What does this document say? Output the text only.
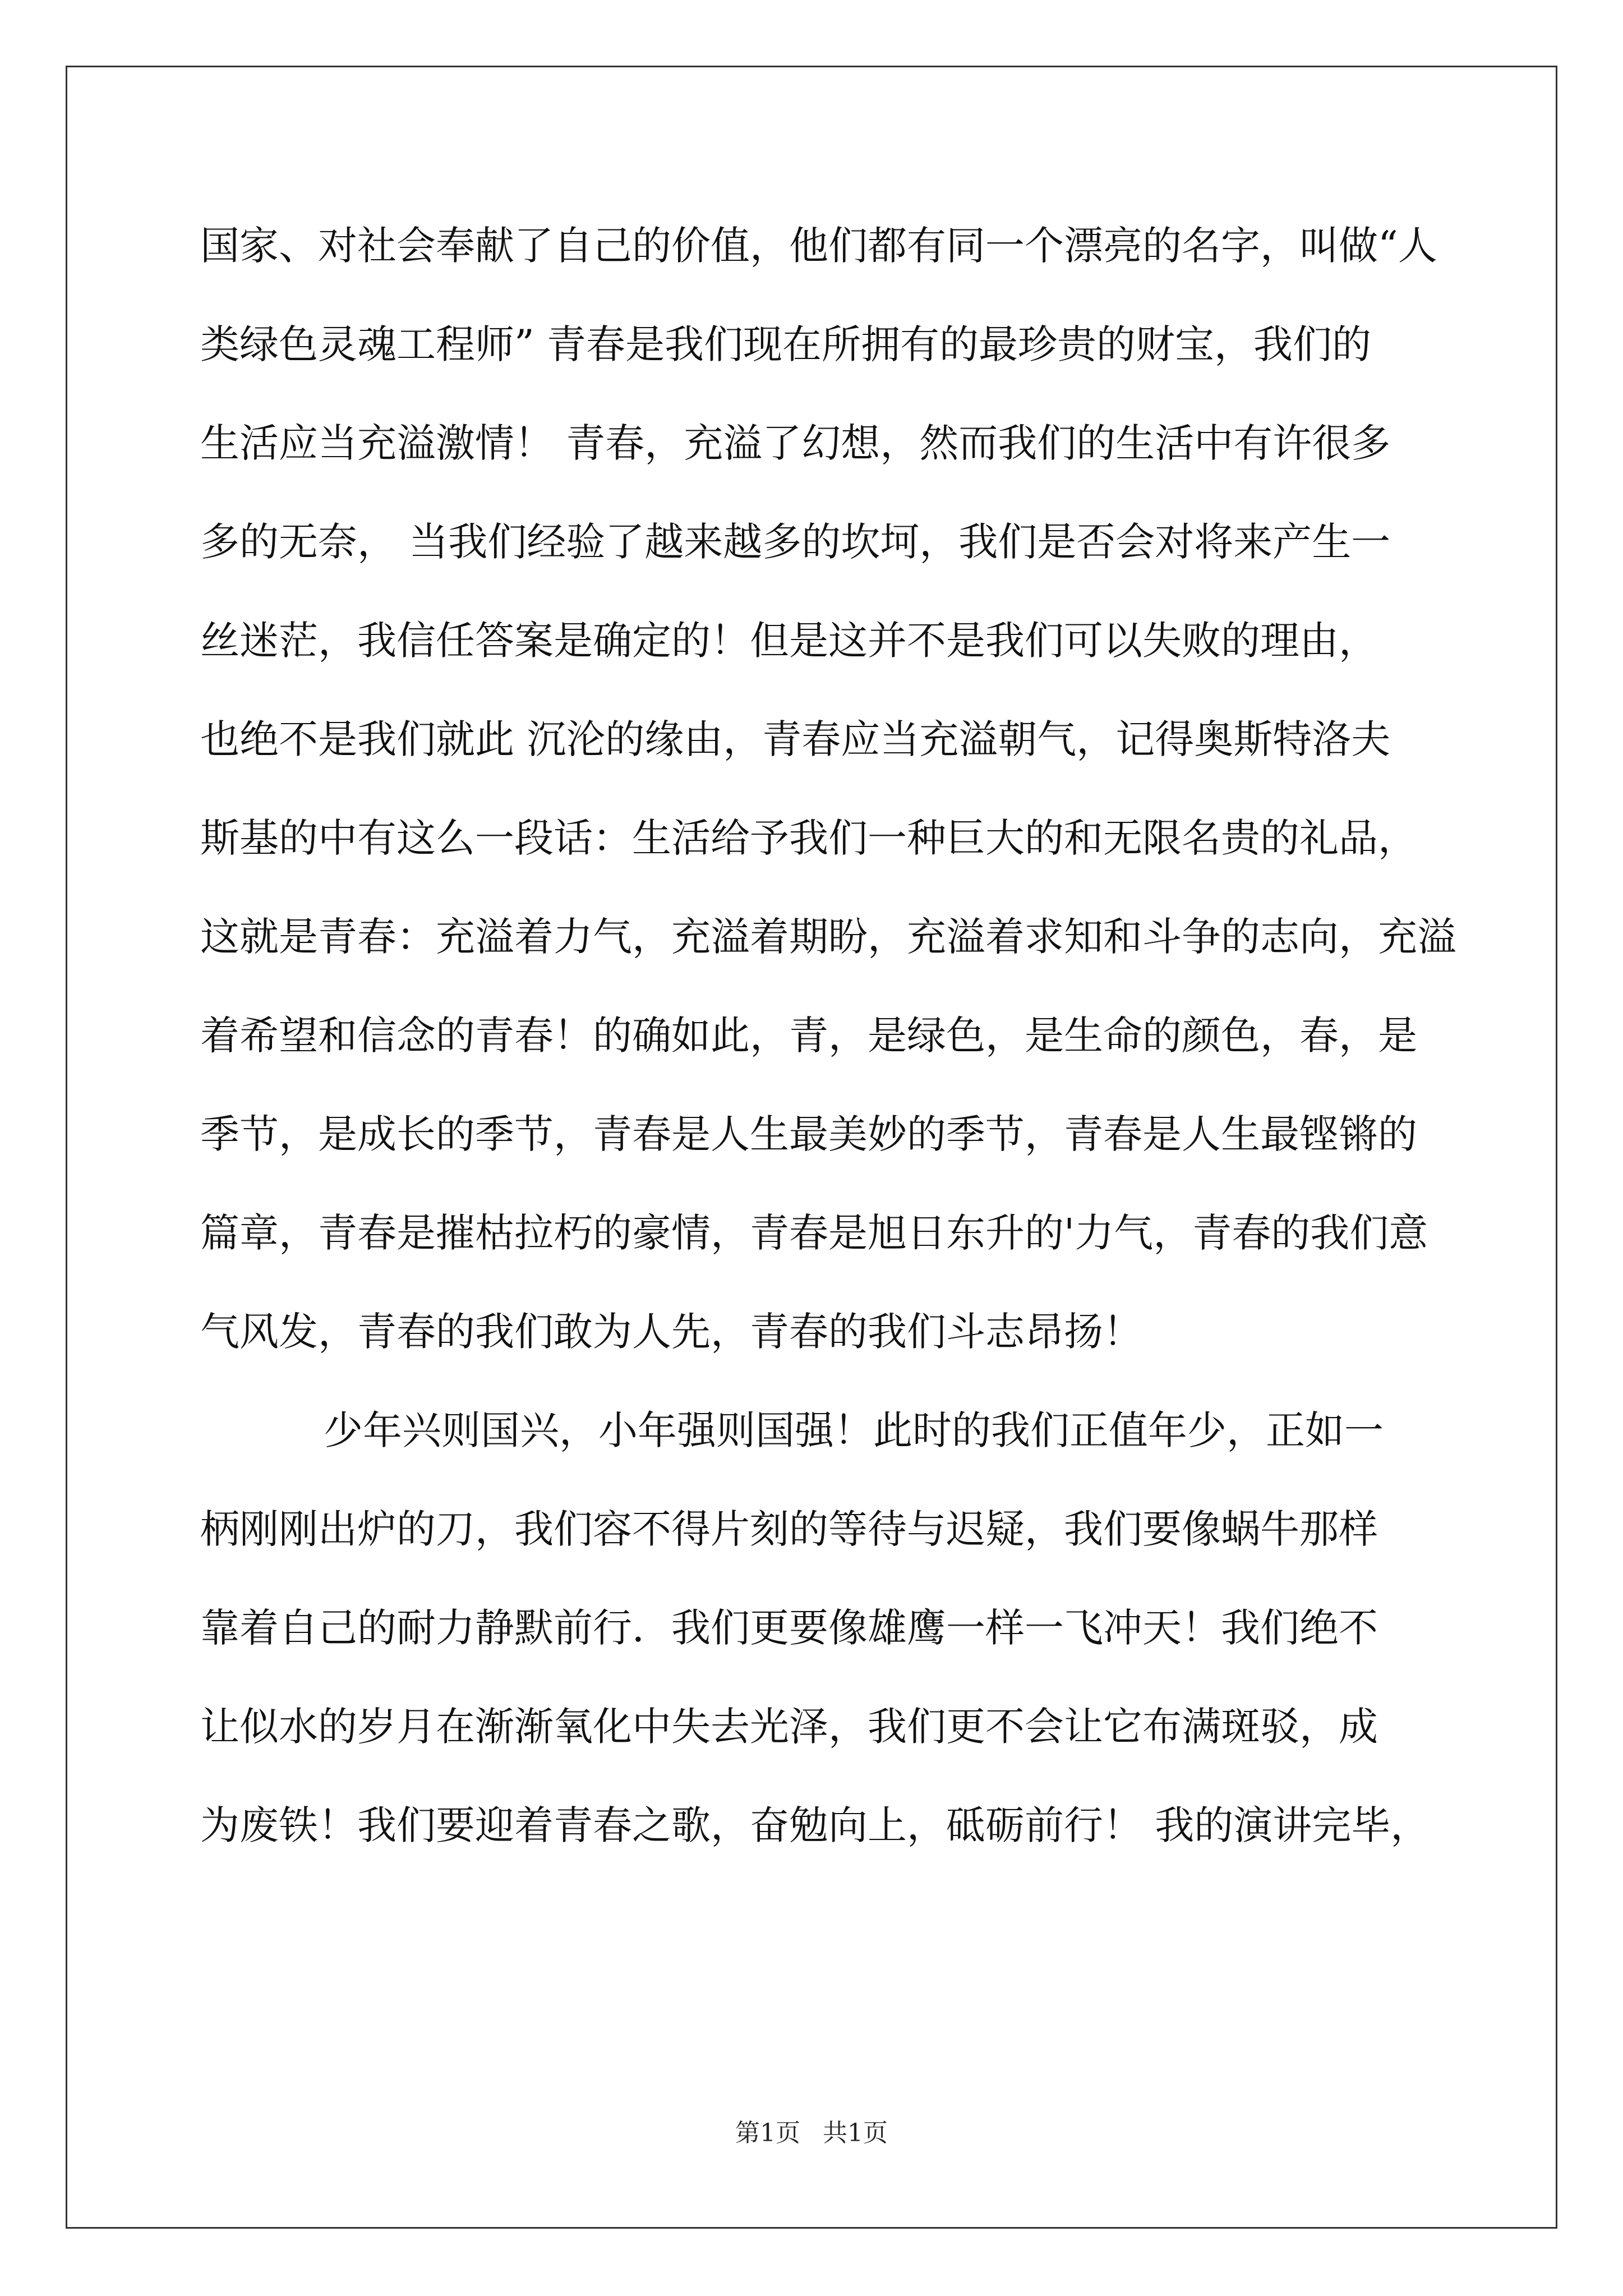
国家、对社会奉献了自己的价值，他们都有同一个漂亮的名字，叫做“人
类绿色灵魂工程师” 青春是我们现在所拥有的最珍贵的财宝，我们的
生活应当充溢激情！ 青春，充溢了幻想，然而我们的生活中有许很多
多的无奈， 当我们经验了越来越多的坎坷，我们是否会对将来产生一
丝迷茫，我信任答案是确定的！但是这并不是我们可以失败的理由，
也绝不是我们就此 沉沦的缘由，青春应当充溢朝气，记得奥斯特洛夫
斯基的中有这么一段话：生活给予我们一种巨大的和无限名贵的礼品，
这就是青春：充溢着力气，充溢着期盼，充溢着求知和斗争的志向，充溢
着希望和信念的青春！的确如此，青，是绿色，是生命的颜色，春，是
季节，是成长的季节，青春是人生最美妙的季节，青春是人生最铿锵的
篇章，青春是摧枯拉朽的豪情，青春是旭日东升的'力气，青春的我们意
气风发，青春的我们敢为人先，青春的我们斗志昂扬！
少年兴则国兴，小年强则国强！此时的我们正值年少，正如一
柄刚刚出炉的刀，我们容不得片刻的等待与迟疑，我们要像蜗牛那样
靠着自己的耐力静默前行．我们更要像雄鹰一样一飞冲天！我们绝不
让似水的岁月在渐渐氧化中失去光泽，我们更不会让它布满斑驳，成
为废铁！我们要迎着青春之歌，奋勉向上，砥砺前行！ 我的演讲完毕，
第1页 共1页
